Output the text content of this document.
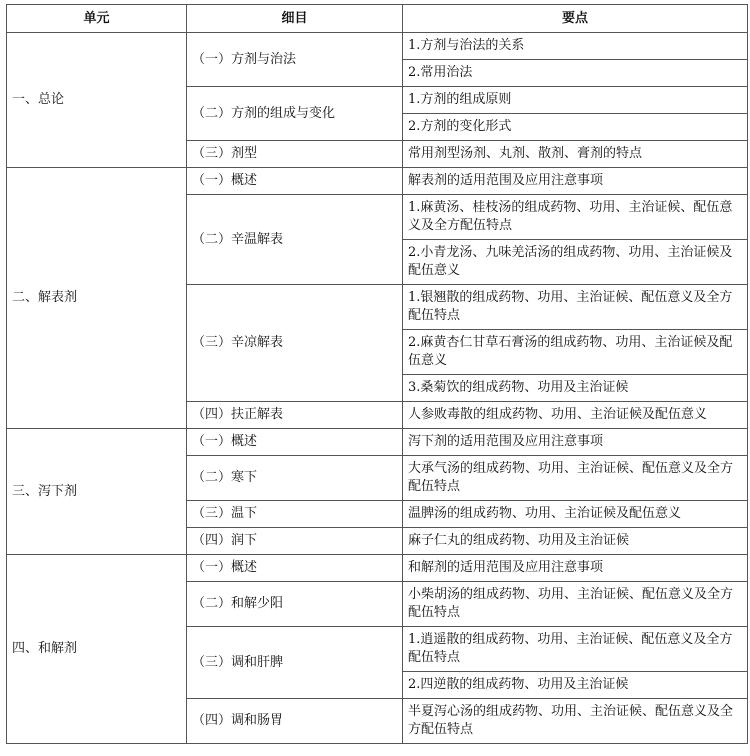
单元	细目	要点
一、总论	（一）方剂与治法	1.方剂与治法的关系
		2.常用治法
	（二）方剂的组成与变化	1.方剂的组成原则
		2.方剂的变化形式
	（三）剂型	常用剂型汤剂、丸剂、散剂、膏剂的特点
二、解表剂	（一）概述	解表剂的适用范围及应用注意事项
	（二）辛温解表	1.麻黄汤、桂枝汤的组成药物、功用、主治证候、配伍意义及全方配伍特点
		2.小青龙汤、九味羌活汤的组成药物、功用、主治证候及配伍意义
	（三）辛凉解表	1.银翘散的组成药物、功用、主治证候、配伍意义及全方配伍特点
		2.麻黄杏仁甘草石膏汤的组成药物、功用、主治证候及配伍意义
		3.桑菊饮的组成药物、功用及主治证候
	（四）扶正解表	人参败毒散的组成药物、功用、主治证候及配伍意义
三、泻下剂	（一）概述	泻下剂的适用范围及应用注意事项
	（二）寒下	大承气汤的组成药物、功用、主治证候、配伍意义及全方配伍特点
	（三）温下	温脾汤的组成药物、功用、主治证候及配伍意义
	（四）润下	麻子仁丸的组成药物、功用及主治证候
四、和解剂	（一）概述	和解剂的适用范围及应用注意事项
	（二）和解少阳	小柴胡汤的组成药物、功用、主治证候、配伍意义及全方配伍特点
	（三）调和肝脾	1.逍遥散的组成药物、功用、主治证候、配伍意义及全方配伍特点
		2.四逆散的组成药物、功用及主治证候
	（四）调和肠胃	半夏泻心汤的组成药物、功用、主治证候、配伍意义及全方配伍特点
